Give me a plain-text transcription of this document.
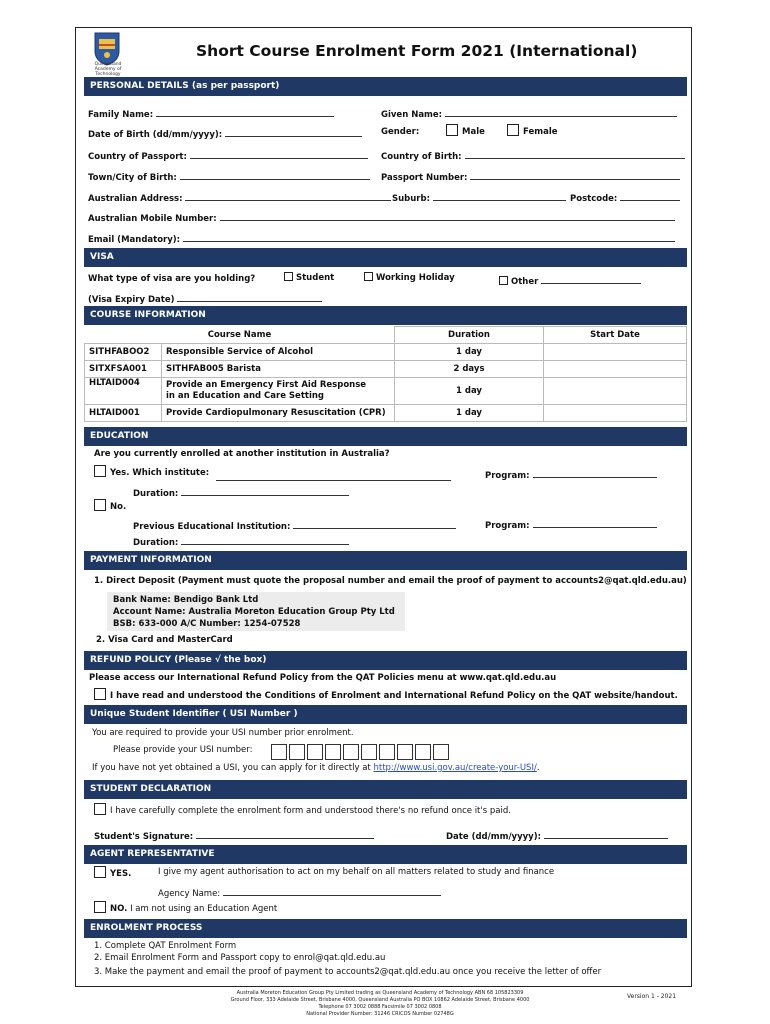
Queensland Academy of Technology
Short Course Enrolment Form 2021 (International)
PERSONAL DETAILS (as per passport)
Family Name:	Given Name:
Date of Birth (dd/mm/yyyy):	Gender:	Male	Female
Country of Passport:	Country of Birth:
Town/City of Birth:	Passport Number:
Australian Address:	Suburb:	Postcode:
Australian Mobile Number:
Email (Mandatory):
VISA
What type of visa are you holding?	Student	Working Holiday	Other
(Visa Expiry Date)
COURSE INFORMATION
Course Name		Duration	Start Date
SITHFABOO2	Responsible Service of Alcohol	1 day	
SITXFSA001	SITHFAB005 Barista	2 days	
HLTAID004	Provide an Emergency First Aid Response
in an Education and Care Setting	1 day	
HLTAID001	Provide Cardiopulmonary Resuscitation (CPR)	1 day	
EDUCATION
Are you currently enrolled at another institution in Australia?
Yes. Which institute:	Program:
Duration:
No.
Previous Educational Institution:	Program:
Duration:
PAYMENT INFORMATION
1. Direct Deposit (Payment must quote the proposal number and email the proof of payment to accounts2@qat.qld.edu.au)
Bank Name: Bendigo Bank Ltd
Account Name: Australia Moreton Education Group Pty Ltd
BSB: 633-000 A/C Number: 1254-07528
2. Visa Card and MasterCard
REFUND POLICY (Please √ the box)
Please access our International Refund Policy from the QAT Policies menu at www.qat.qld.edu.au
I have read and understood the Conditions of Enrolment and International Refund Policy on the QAT website/handout.
Unique Student Identifier ( USI Number )
You are required to provide your USI number prior enrolment.
Please provide your USI number:
If you have not yet obtained a USI, you can apply for it directly at http://www.usi.gov.au/create-your-USI/.
STUDENT DECLARATION
I have carefully complete the enrolment form and understood there's no refund once it's paid.
Student's Signature:	Date (dd/mm/yyyy):
AGENT REPRESENTATIVE
YES.	I give my agent authorisation to act on my behalf on all matters related to study and finance
Agency Name:
NO. I am not using an Education Agent
ENROLMENT PROCESS
1. Complete QAT Enrolment Form
2. Email Enrolment Form and Passport copy to enrol@qat.qld.edu.au
3. Make the payment and email the proof of payment to accounts2@qat.qld.edu.au once you receive the letter of offer
Australia Moreton Education Group Pty Limited trading as Queensland Academy of Technology ABN 68 105823309
Ground Floor, 333 Adelaide Street, Brisbane 4000, Queensland Australia PO BOX 10862 Adelaide Street, Brisbane 4000
Telephone 07 3002 0888 Facsimile 07 3002 0808
National Provider Number: 31246 CRICOS Number 02748G
Version 1 - 2021
